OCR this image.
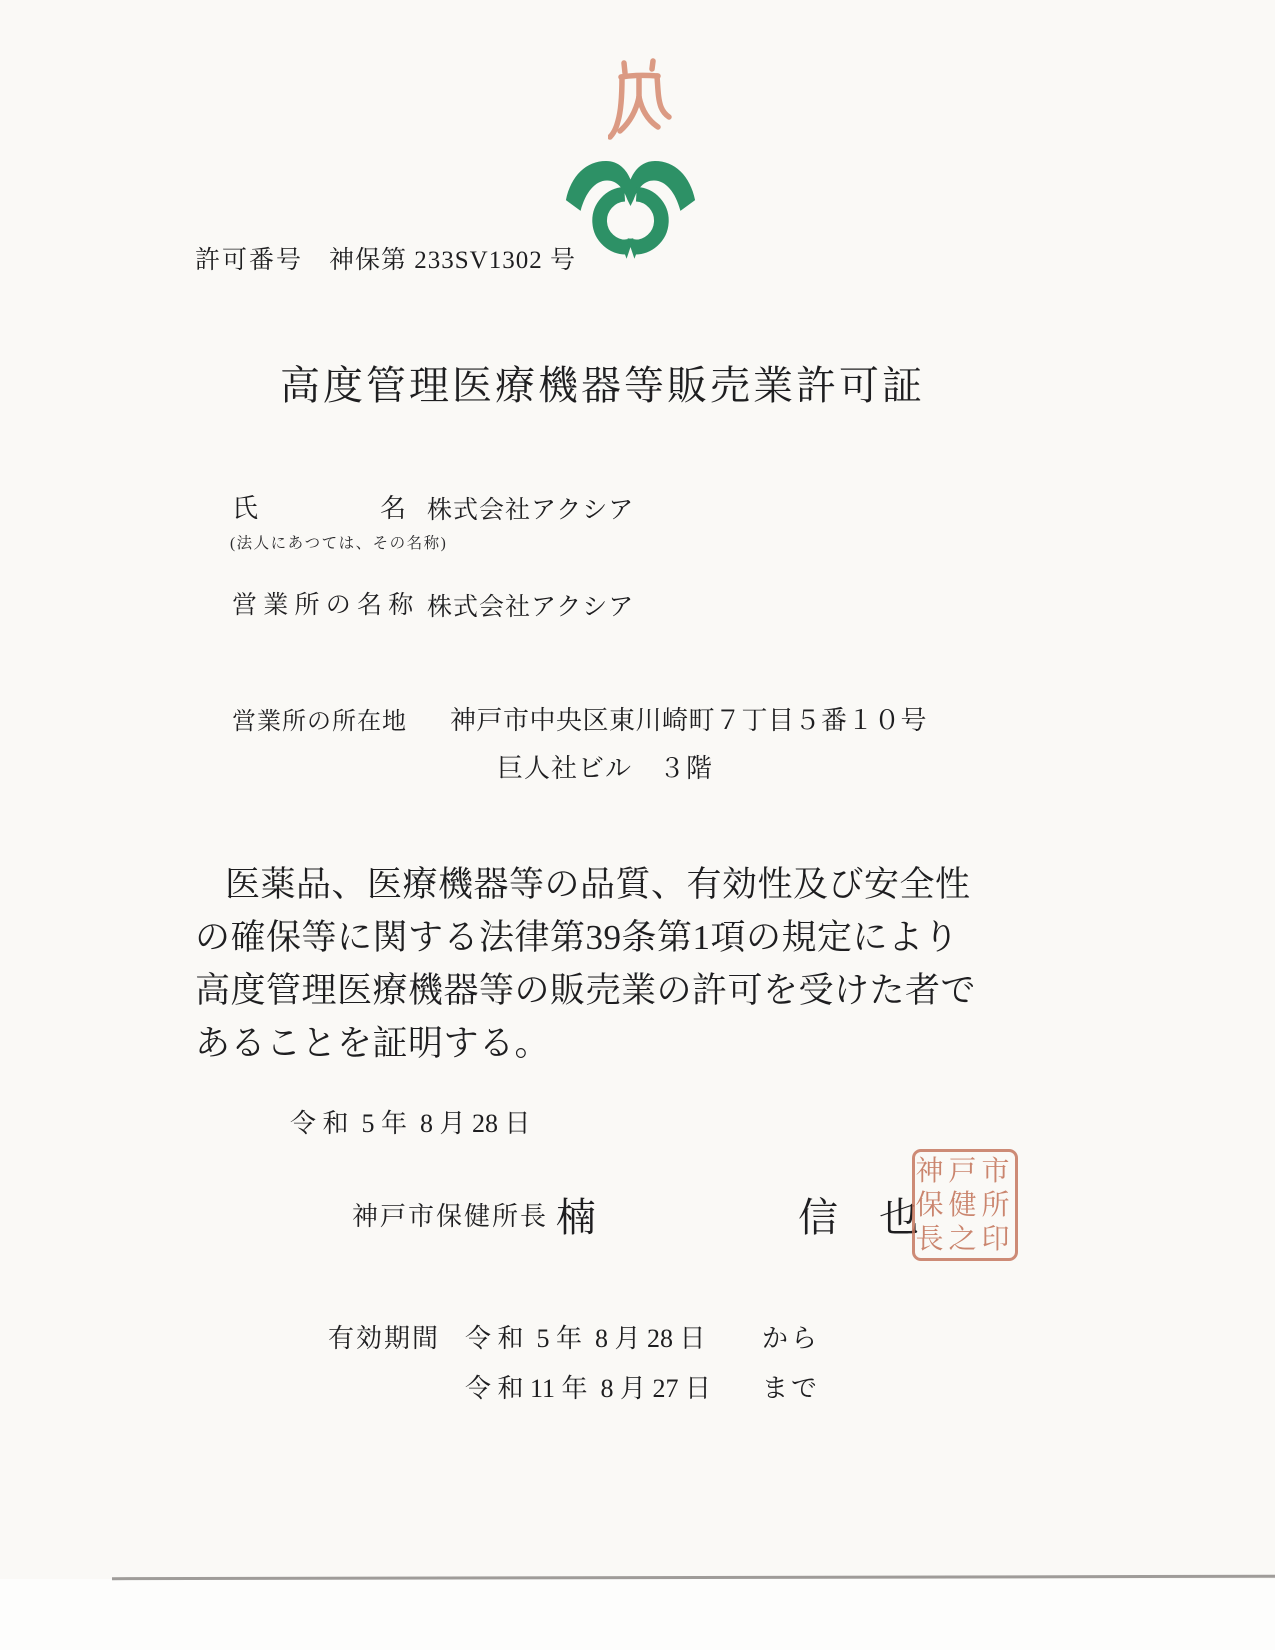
許可番号 神保第 233SV1302 号
高度管理医療機器等販売業許可証
氏	名 株式会社アクシア
(法人にあつては、その名称)
営 業 所 の 名 称 株式会社アクシア
営業所の所在地 神戸市中央区東川崎町７丁目５番１０号
巨人社ビル　３階
医薬品、医療機器等の品質、有効性及び安全性
の確保等に関する法律第39条第1項の規定により
高度管理医療機器等の販売業の許可を受けた者で
あることを証明する。
令 和  5 年  8 月 28 日
神戸市保健所長 楠	信 也
神戸市
保健所
長之印
有効期間 令 和  5 年  8 月 28 日 から
令 和 11 年  8 月 27 日 まで
